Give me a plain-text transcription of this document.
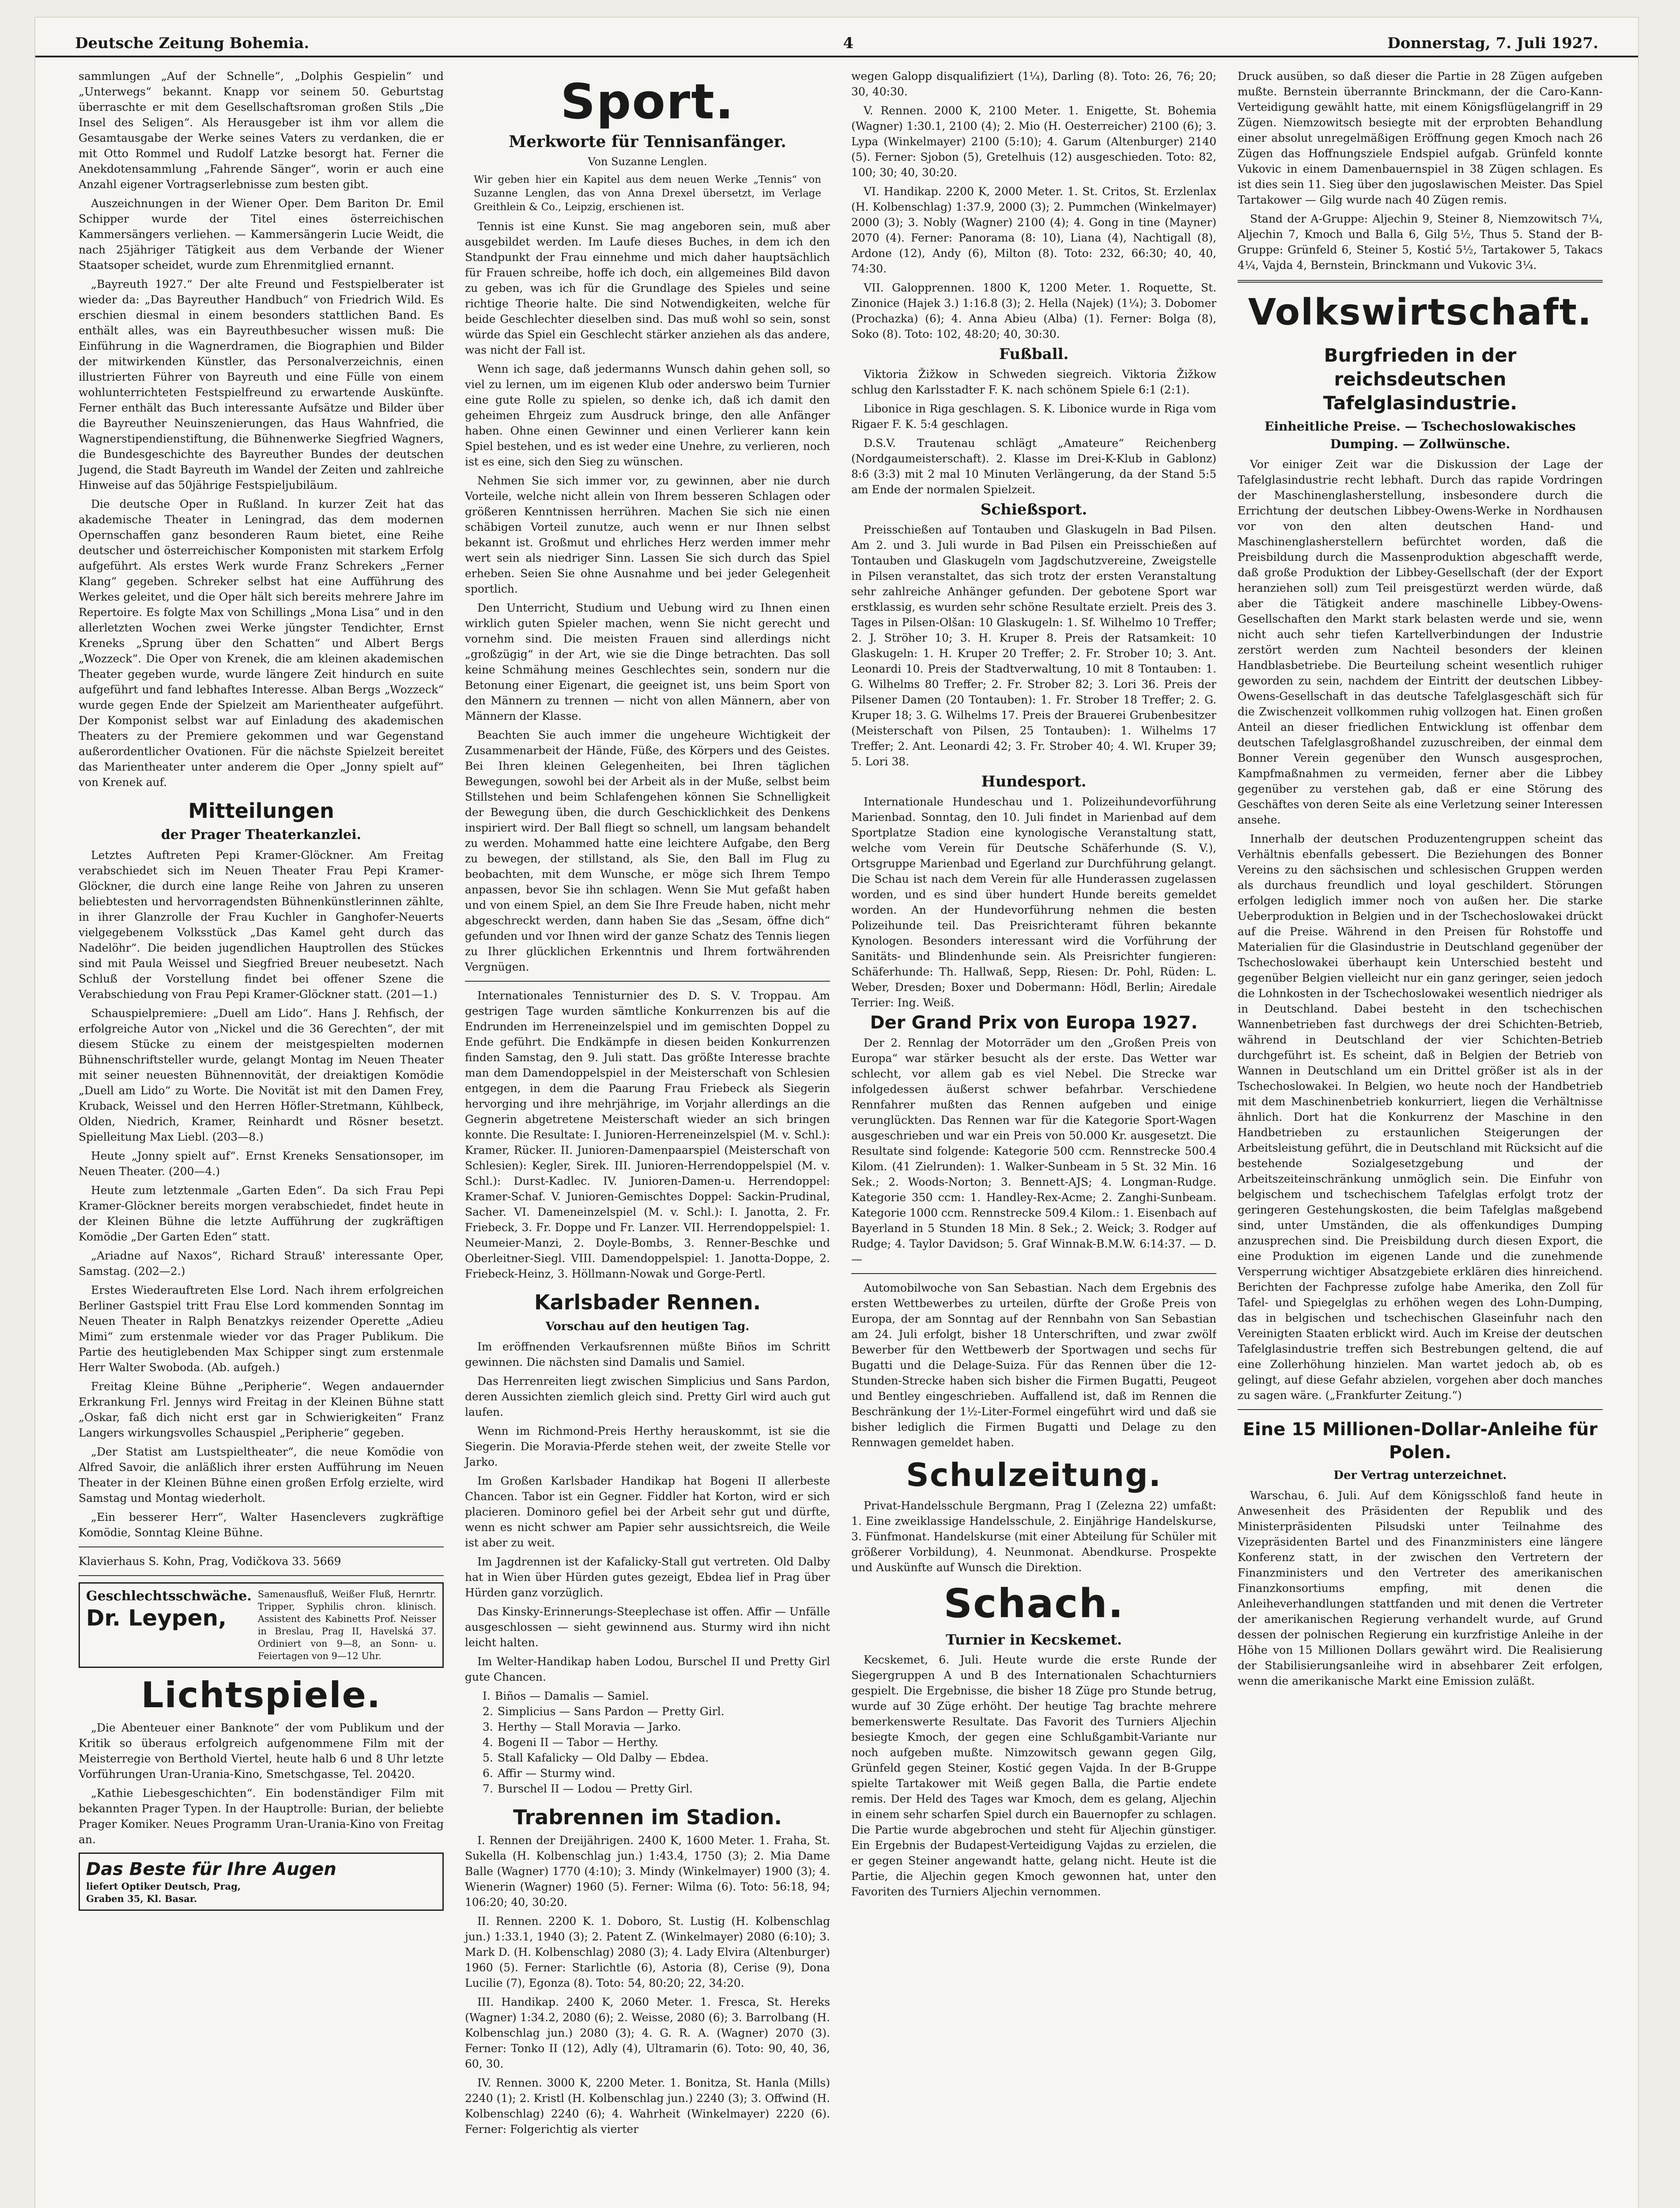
Deutsche Zeitung Bohemia.	4	Donnerstag, 7. Juli 1927.

sammlungen „Auf der Schnelle“, „Dolphis Gespielin“ und „Unterwegs“ bekannt. Knapp vor seinem 50. Geburtstag überraschte er mit dem Gesellschaftsroman großen Stils „Die Insel des Seligen“. Als Herausgeber ist ihm vor allem die Gesamtausgabe der Werke seines Vaters zu verdanken, die er mit Otto Rommel und Rudolf Latzke besorgt hat. Ferner die Anekdotensammlung „Fahrende Sänger“, worin er auch eine Anzahl eigener Vortragserlebnisse zum besten gibt.

Auszeichnungen in der Wiener Oper. Dem Bariton Dr. Emil Schipper wurde der Titel eines österreichischen Kammersängers verliehen. — Kammersängerin Lucie Weidt, die nach 25jähriger Tätigkeit aus dem Verbande der Wiener Staatsoper scheidet, wurde zum Ehrenmitglied ernannt.

„Bayreuth 1927.“ Der alte Freund und Festspielberater ist wieder da: „Das Bayreuther Handbuch“ von Friedrich Wild. Es erschien diesmal in einem besonders stattlichen Band. Es enthält alles, was ein Bayreuthbesucher wissen muß: Die Einführung in die Wagnerdramen, die Biographien und Bilder der mitwirkenden Künstler, das Personalverzeichnis, einen illustrierten Führer von Bayreuth und eine Fülle von einem wohlunterrichteten Festspielfreund zu erwartende Auskünfte. Ferner enthält das Buch interessante Aufsätze und Bilder über die Bayreuther Neuinszenierungen, das Haus Wahnfried, die Wagnerstipendienstiftung, die Bühnenwerke Siegfried Wagners, die Bundesgeschichte des Bayreuther Bundes der deutschen Jugend, die Stadt Bayreuth im Wandel der Zeiten und zahlreiche Hinweise auf das 50jährige Festspieljubiläum.

Die deutsche Oper in Rußland. In kurzer Zeit hat das akademische Theater in Leningrad, das dem modernen Opernschaffen ganz besonderen Raum bietet, eine Reihe deutscher und österreichischer Komponisten mit starkem Erfolg aufgeführt. Als erstes Werk wurde Franz Schrekers „Ferner Klang“ gegeben. Schreker selbst hat eine Aufführung des Werkes geleitet, und die Oper hält sich bereits mehrere Jahre im Repertoire. Es folgte Max von Schillings „Mona Lisa“ und in den allerletzten Wochen zwei Werke jüngster Tendichter, Ernst Kreneks „Sprung über den Schatten“ und Albert Bergs „Wozzeck“. Die Oper von Krenek, die am kleinen akademischen Theater gegeben wurde, wurde längere Zeit hindurch en suite aufgeführt und fand lebhaftes Interesse. Alban Bergs „Wozzeck“ wurde gegen Ende der Spielzeit am Marientheater aufgeführt. Der Komponist selbst war auf Einladung des akademischen Theaters zu der Premiere gekommen und war Gegenstand außerordentlicher Ovationen. Für die nächste Spielzeit bereitet das Marientheater unter anderem die Oper „Jonny spielt auf“ von Krenek auf.

Mitteilungen
der Prager Theaterkanzlei.

Letztes Auftreten Pepi Kramer-Glöckner. Am Freitag verabschiedet sich im Neuen Theater Frau Pepi Kramer-Glöckner, die durch eine lange Reihe von Jahren zu unseren beliebtesten und hervorragendsten Bühnenkünstlerinnen zählte, in ihrer Glanzrolle der Frau Kuchler in Ganghofer-Neuerts vielgegebenem Volksstück „Das Kamel geht durch das Nadelöhr“. Die beiden jugendlichen Hauptrollen des Stückes sind mit Paula Weissel und Siegfried Breuer neubesetzt. Nach Schluß der Vorstellung findet bei offener Szene die Verabschiedung von Frau Pepi Kramer-Glöckner statt. (201—1.)

Schauspielpremiere: „Duell am Lido“. Hans J. Rehfisch, der erfolgreiche Autor von „Nickel und die 36 Gerechten“, der mit diesem Stücke zu einem der meistgespielten modernen Bühnenschriftsteller wurde, gelangt Montag im Neuen Theater mit seiner neuesten Bühnennovität, der dreiaktigen Komödie „Duell am Lido“ zu Worte. Die Novität ist mit den Damen Frey, Kruback, Weissel und den Herren Höfler-Stretmann, Kühlbeck, Olden, Niedrich, Kramer, Reinhardt und Rösner besetzt. Spielleitung Max Liebl. (203—8.)

Heute „Jonny spielt auf“. Ernst Kreneks Sensationsoper, im Neuen Theater. (200—4.)

Heute zum letztenmale „Garten Eden“. Da sich Frau Pepi Kramer-Glöckner bereits morgen verabschiedet, findet heute in der Kleinen Bühne die letzte Aufführung der zugkräftigen Komödie „Der Garten Eden“ statt.

„Ariadne auf Naxos“, Richard Strauß' interessante Oper, Samstag. (202—2.)

Erstes Wiederauftreten Else Lord. Nach ihrem erfolgreichen Berliner Gastspiel tritt Frau Else Lord kommenden Sonntag im Neuen Theater in Ralph Benatzkys reizender Operette „Adieu Mimi“ zum erstenmale wieder vor das Prager Publikum. Die Partie des heutiglebenden Max Schipper singt zum erstenmale Herr Walter Swoboda. (Ab. aufgeh.)

Freitag Kleine Bühne „Peripherie“. Wegen andauernder Erkrankung Frl. Jennys wird Freitag in der Kleinen Bühne statt „Oskar, faß dich nicht erst gar in Schwierigkeiten“ Franz Langers wirkungsvolles Schauspiel „Peripherie“ gegeben.

„Der Statist am Lustspieltheater“, die neue Komödie von Alfred Savoir, die anläßlich ihrer ersten Aufführung im Neuen Theater in der Kleinen Bühne einen großen Erfolg erzielte, wird Samstag und Montag wiederholt.

„Ein besserer Herr“, Walter Hasenclevers zugkräftige Komödie, Sonntag Kleine Bühne.

Klavierhaus S. Kohn, Prag, Vodičkova 33. 5669

Geschlechtsschwäche.
Dr. Leypen,
Samenausfluß, Weißer Fluß, Hernrtr. Tripper, Syphilis chron. klinisch. Assistent des Kabinetts Prof. Neisser in Breslau, Prag II, Havelská 37. Ordiniert von 9—8, an Sonn- u. Feiertagen von 9—12 Uhr.
Lichtspiele.

„Die Abenteuer einer Banknote“ der vom Publikum und der Kritik so überaus erfolgreich aufgenommene Film mit der Meisterregie von Berthold Viertel, heute halb 6 und 8 Uhr letzte Vorführungen Uran-Urania-Kino, Smetschgasse, Tel. 20420.

„Kathie Liebesgeschichten“. Ein bodenständiger Film mit bekannten Prager Typen. In der Hauptrolle: Burian, der beliebte Prager Komiker. Neues Programm Uran-Urania-Kino von Freitag an.

Das Beste für Ihre Augen
liefert Optiker Deutsch, Prag,
Graben 35, Kl. Basar.
Sport.
Merkworte für Tennisanfänger.
Von Suzanne Lenglen.
Wir geben hier ein Kapitel aus dem neuen Werke „Tennis“ von Suzanne Lenglen, das von Anna Drexel übersetzt, im Verlage Greithlein & Co., Leipzig, erschienen ist.

Tennis ist eine Kunst. Sie mag angeboren sein, muß aber ausgebildet werden. Im Laufe dieses Buches, in dem ich den Standpunkt der Frau einnehme und mich daher hauptsächlich für Frauen schreibe, hoffe ich doch, ein allgemeines Bild davon zu geben, was ich für die Grundlage des Spieles und seine richtige Theorie halte. Die sind Notwendigkeiten, welche für beide Geschlechter dieselben sind. Das muß wohl so sein, sonst würde das Spiel ein Geschlecht stärker anziehen als das andere, was nicht der Fall ist.

Wenn ich sage, daß jedermanns Wunsch dahin gehen soll, so viel zu lernen, um im eigenen Klub oder anderswo beim Turnier eine gute Rolle zu spielen, so denke ich, daß ich damit den geheimen Ehrgeiz zum Ausdruck bringe, den alle Anfänger haben. Ohne einen Gewinner und einen Verlierer kann kein Spiel bestehen, und es ist weder eine Unehre, zu verlieren, noch ist es eine, sich den Sieg zu wünschen.

Nehmen Sie sich immer vor, zu gewinnen, aber nie durch Vorteile, welche nicht allein von Ihrem besseren Schlagen oder größeren Kenntnissen herrühren. Machen Sie sich nie einen schäbigen Vorteil zunutze, auch wenn er nur Ihnen selbst bekannt ist. Großmut und ehrliches Herz werden immer mehr wert sein als niedriger Sinn. Lassen Sie sich durch das Spiel erheben. Seien Sie ohne Ausnahme und bei jeder Gelegenheit sportlich.

Den Unterricht, Studium und Uebung wird zu Ihnen einen wirklich guten Spieler machen, wenn Sie nicht gerecht und vornehm sind. Die meisten Frauen sind allerdings nicht „großzügig“ in der Art, wie sie die Dinge betrachten. Das soll keine Schmähung meines Geschlechtes sein, sondern nur die Betonung einer Eigenart, die geeignet ist, uns beim Sport von den Männern zu trennen — nicht von allen Männern, aber von Männern der Klasse.

Beachten Sie auch immer die ungeheure Wichtigkeit der Zusammenarbeit der Hände, Füße, des Körpers und des Geistes. Bei Ihren kleinen Gelegenheiten, bei Ihren täglichen Bewegungen, sowohl bei der Arbeit als in der Muße, selbst beim Stillstehen und beim Schlafengehen können Sie Schnelligkeit der Bewegung üben, die durch Geschicklichkeit des Denkens inspiriert wird. Der Ball fliegt so schnell, um langsam behandelt zu werden. Mohammed hatte eine leichtere Aufgabe, den Berg zu bewegen, der stillstand, als Sie, den Ball im Flug zu beobachten, mit dem Wunsche, er möge sich Ihrem Tempo anpassen, bevor Sie ihn schlagen. Wenn Sie Mut gefaßt haben und von einem Spiel, an dem Sie Ihre Freude haben, nicht mehr abgeschreckt werden, dann haben Sie das „Sesam, öffne dich“ gefunden und vor Ihnen wird der ganze Schatz des Tennis liegen zu Ihrer glücklichen Erkenntnis und Ihrem fortwährenden Vergnügen.

Internationales Tennisturnier des D. S. V. Troppau. Am gestrigen Tage wurden sämtliche Konkurrenzen bis auf die Endrunden im Herreneinzelspiel und im gemischten Doppel zu Ende geführt. Die Endkämpfe in diesen beiden Konkurrenzen finden Samstag, den 9. Juli statt. Das größte Interesse brachte man dem Damendoppelspiel in der Meisterschaft von Schlesien entgegen, in dem die Paarung Frau Friebeck als Siegerin hervorging und ihre mehrjährige, im Vorjahr allerdings an die Gegnerin abgetretene Meisterschaft wieder an sich bringen konnte. Die Resultate: I. Junioren-Herreneinzelspiel (M. v. Schl.): Kramer, Rücker. II. Junioren-Damenpaarspiel (Meisterschaft von Schlesien): Kegler, Sirek. III. Junioren-Herrendoppelspiel (M. v. Schl.): Durst-Kadlec. IV. Junioren-Damen-u. Herrendoppel: Kramer-Schaf. V. Junioren-Gemischtes Doppel: Sackin-Prudinal, Sacher. VI. Dameneinzelspiel (M. v. Schl.): I. Janotta, 2. Fr. Friebeck, 3. Fr. Doppe und Fr. Lanzer. VII. Herrendoppelspiel: 1. Neumeier-Manzi, 2. Doyle-Bombs, 3. Renner-Beschke und Oberleitner-Siegl. VIII. Damendoppelspiel: 1. Janotta-Doppe, 2. Friebeck-Heinz, 3. Höllmann-Nowak und Gorge-Pertl.

Karlsbader Rennen.
Vorschau auf den heutigen Tag.

Im eröffnenden Verkaufsrennen müßte Biños im Schritt gewinnen. Die nächsten sind Damalis und Samiel.

Das Herrenreiten liegt zwischen Simplicius und Sans Pardon, deren Aussichten ziemlich gleich sind. Pretty Girl wird auch gut laufen.

Wenn im Richmond-Preis Herthy herauskommt, ist sie die Siegerin. Die Moravia-Pferde stehen weit, der zweite Stelle vor Jarko.

Im Großen Karlsbader Handikap hat Bogeni II allerbeste Chancen. Tabor ist ein Gegner. Fiddler hat Korton, wird er sich placieren. Dominoro gefiel bei der Arbeit sehr gut und dürfte, wenn es nicht schwer am Papier sehr aussichtsreich, die Weile ist aber zu weit.

Im Jagdrennen ist der Kafalicky-Stall gut vertreten. Old Dalby hat in Wien über Hürden gutes gezeigt, Ebdea lief in Prag über Hürden ganz vorzüglich.

Das Kinsky-Erinnerungs-Steeplechase ist offen. Affir — Unfälle ausgeschlossen — sieht gewinnend aus. Sturmy wird ihn nicht leicht halten.

Im Welter-Handikap haben Lodou, Burschel II und Pretty Girl gute Chancen.

I. Biños — Damalis — Samiel.
2. Simplicius — Sans Pardon — Pretty Girl.
3. Herthy — Stall Moravia — Jarko.
4. Bogeni II — Tabor — Herthy.
5. Stall Kafalicky — Old Dalby — Ebdea.
6. Affir — Sturmy wind.
7. Burschel II — Lodou — Pretty Girl.
Trabrennen im Stadion.

I. Rennen der Dreijährigen. 2400 K, 1600 Meter. 1. Fraha, St. Sukella (H. Kolbenschlag jun.) 1:43.4, 1750 (3); 2. Mia Dame Balle (Wagner) 1770 (4:10); 3. Mindy (Winkelmayer) 1900 (3); 4. Wienerin (Wagner) 1960 (5). Ferner: Wilma (6). Toto: 56:18, 94; 106:20; 40, 30:20.

II. Rennen. 2200 K. 1. Doboro, St. Lustig (H. Kolbenschlag jun.) 1:33.1, 1940 (3); 2. Patent Z. (Winkelmayer) 2080 (6:10); 3. Mark D. (H. Kolbenschlag) 2080 (3); 4. Lady Elvira (Altenburger) 1960 (5). Ferner: Starlichtle (6), Astoria (8), Cerise (9), Dona Lucilie (7), Egonza (8). Toto: 54, 80:20; 22, 34:20.

III. Handikap. 2400 K, 2060 Meter. 1. Fresca, St. Hereks (Wagner) 1:34.2, 2080 (6); 2. Weisse, 2080 (6); 3. Barrolbang (H. Kolbenschlag jun.) 2080 (3); 4. G. R. A. (Wagner) 2070 (3). Ferner: Tonko II (12), Adly (4), Ultramarin (6). Toto: 90, 40, 36, 60, 30.

IV. Rennen. 3000 K, 2200 Meter. 1. Bonitza, St. Hanla (Mills) 2240 (1); 2. Kristl (H. Kolbenschlag jun.) 2240 (3); 3. Offwind (H. Kolbenschlag) 2240 (6); 4. Wahrheit (Winkelmayer) 2220 (6). Ferner: Folgerichtig als vierter

wegen Galopp disqualifiziert (1¼), Darling (8). Toto: 26, 76; 20; 30, 40:30.

V. Rennen. 2000 K, 2100 Meter. 1. Enigette, St. Bohemia (Wagner) 1:30.1, 2100 (4); 2. Mio (H. Oesterreicher) 2100 (6); 3. Lypa (Winkelmayer) 2100 (5:10); 4. Garum (Altenburger) 2140 (5). Ferner: Sjobon (5), Gretelhuis (12) ausgeschieden. Toto: 82, 100; 30; 40, 30:20.

VI. Handikap. 2200 K, 2000 Meter. 1. St. Critos, St. Erzlenlax (H. Kolbenschlag) 1:37.9, 2000 (3); 2. Pummchen (Winkelmayer) 2000 (3); 3. Nobly (Wagner) 2100 (4); 4. Gong in tine (Mayner) 2070 (4). Ferner: Panorama (8: 10), Liana (4), Nachtigall (8), Ardone (12), Andy (6), Milton (8). Toto: 232, 66:30; 40, 40, 74:30.

VII. Galopprennen. 1800 K, 1200 Meter. 1. Roquette, St. Zinonice (Hajek 3.) 1:16.8 (3); 2. Hella (Najek) (1¼); 3. Dobomer (Prochazka) (6); 4. Anna Abieu (Alba) (1). Ferner: Bolga (8), Soko (8). Toto: 102, 48:20; 40, 30:30.

Fußball.

Viktoria Žižkow in Schweden siegreich. Viktoria Žižkow schlug den Karlsstadter F. K. nach schönem Spiele 6:1 (2:1).

Libonice in Riga geschlagen. S. K. Libonice wurde in Riga vom Rigaer F. K. 5:4 geschlagen.

D.S.V. Trautenau schlägt „Amateure“ Reichenberg (Nordgaumeisterschaft). 2. Klasse im Drei-K-Klub in Gablonz) 8:6 (3:3) mit 2 mal 10 Minuten Verlängerung, da der Stand 5:5 am Ende der normalen Spielzeit.

Schießsport.

Preisschießen auf Tontauben und Glaskugeln in Bad Pilsen. Am 2. und 3. Juli wurde in Bad Pilsen ein Preisschießen auf Tontauben und Glaskugeln vom Jagdschutzvereine, Zweigstelle in Pilsen veranstaltet, das sich trotz der ersten Veranstaltung sehr zahlreiche Anhänger gefunden. Der gebotene Sport war erstklassig, es wurden sehr schöne Resultate erzielt. Preis des 3. Tages in Pilsen-Olšan: 10 Glaskugeln: 1. Sf. Wilhelmo 10 Treffer; 2. J. Ströher 10; 3. H. Kruper 8. Preis der Ratsamkeit: 10 Glaskugeln: 1. H. Kruper 20 Treffer; 2. Fr. Strober 10; 3. Ant. Leonardi 10. Preis der Stadtverwaltung, 10 mit 8 Tontauben: 1. G. Wilhelms 80 Treffer; 2. Fr. Strober 82; 3. Lori 36. Preis der Pilsener Damen (20 Tontauben): 1. Fr. Strober 18 Treffer; 2. G. Kruper 18; 3. G. Wilhelms 17. Preis der Brauerei Grubenbesitzer (Meisterschaft von Pilsen, 25 Tontauben): 1. Wilhelms 17 Treffer; 2. Ant. Leonardi 42; 3. Fr. Strober 40; 4. Wl. Kruper 39; 5. Lori 38.

Hundesport.

Internationale Hundeschau und 1. Polizeihundevorführung Marienbad. Sonntag, den 10. Juli findet in Marienbad auf dem Sportplatze Stadion eine kynologische Veranstaltung statt, welche vom Verein für Deutsche Schäferhunde (S. V.), Ortsgruppe Marienbad und Egerland zur Durchführung gelangt. Die Schau ist nach dem Verein für alle Hunderassen zugelassen worden, und es sind über hundert Hunde bereits gemeldet worden. An der Hundevorführung nehmen die besten Polizeihunde teil. Das Preisrichteramt führen bekannte Kynologen. Besonders interessant wird die Vorführung der Sanitäts- und Blindenhunde sein. Als Preisrichter fungieren: Schäferhunde: Th. Hallwaß, Sepp, Riesen: Dr. Pohl, Rüden: L. Weber, Dresden; Boxer und Dobermann: Hödl, Berlin; Airedale Terrier: Ing. Weiß.

Der Grand Prix von Europa 1927.

Der 2. Rennlag der Motorräder um den „Großen Preis von Europa“ war stärker besucht als der erste. Das Wetter war schlecht, vor allem gab es viel Nebel. Die Strecke war infolgedessen äußerst schwer befahrbar. Verschiedene Rennfahrer mußten das Rennen aufgeben und einige verunglückten. Das Rennen war für die Kategorie Sport-Wagen ausgeschrieben und war ein Preis von 50.000 Kr. ausgesetzt. Die Resultate sind folgende: Kategorie 500 ccm. Rennstrecke 500.4 Kilom. (41 Zielrunden): 1. Walker-Sunbeam in 5 St. 32 Min. 16 Sek.; 2. Woods-Norton; 3. Bennett-AJS; 4. Longman-Rudge. Kategorie 350 ccm: 1. Handley-Rex-Acme; 2. Zanghi-Sunbeam. Kategorie 1000 ccm. Rennstrecke 509.4 Kilom.: 1. Eisenbach auf Bayerland in 5 Stunden 18 Min. 8 Sek.; 2. Weick; 3. Rodger auf Rudge; 4. Taylor Davidson; 5. Graf Winnak-B.M.W. 6:14:37. — D. —

Automobilwoche von San Sebastian. Nach dem Ergebnis des ersten Wettbewerbes zu urteilen, dürfte der Große Preis von Europa, der am Sonntag auf der Rennbahn von San Sebastian am 24. Juli erfolgt, bisher 18 Unterschriften, und zwar zwölf Bewerber für den Wettbewerb der Sportwagen und sechs für Bugatti und die Delage-Suiza. Für das Rennen über die 12-Stunden-Strecke haben sich bisher die Firmen Bugatti, Peugeot und Bentley eingeschrieben. Auffallend ist, daß im Rennen die Beschränkung der 1½-Liter-Formel eingeführt wird und daß sie bisher lediglich die Firmen Bugatti und Delage zu den Rennwagen gemeldet haben.

Schulzeitung.

Privat-Handelsschule Bergmann, Prag I (Zelezna 22) umfaßt: 1. Eine zweiklassige Handelsschule, 2. Einjährige Handelskurse, 3. Fünfmonat. Handelskurse (mit einer Abteilung für Schüler mit größerer Vorbildung), 4. Neunmonat. Abendkurse. Prospekte und Auskünfte auf Wunsch die Direktion.

Schach.
Turnier in Kecskemet.

Kecskemet, 6. Juli. Heute wurde die erste Runde der Siegergruppen A und B des Internationalen Schachturniers gespielt. Die Ergebnisse, die bisher 18 Züge pro Stunde betrug, wurde auf 30 Züge erhöht. Der heutige Tag brachte mehrere bemerkenswerte Resultate. Das Favorit des Turniers Aljechin besiegte Kmoch, der gegen eine Schlußgambit-Variante nur noch aufgeben mußte. Nimzowitsch gewann gegen Gilg, Grünfeld gegen Steiner, Kostić gegen Vajda. In der B-Gruppe spielte Tartakower mit Weiß gegen Balla, die Partie endete remis. Der Held des Tages war Kmoch, dem es gelang, Aljechin in einem sehr scharfen Spiel durch ein Bauernopfer zu schlagen. Die Partie wurde abgebrochen und steht für Aljechin günstiger. Ein Ergebnis der Budapest-Verteidigung Vajdas zu erzielen, die er gegen Steiner angewandt hatte, gelang nicht. Heute ist die Partie, die Aljechin gegen Kmoch gewonnen hat, unter den Favoriten des Turniers Aljechin vernommen.

Druck ausüben, so daß dieser die Partie in 28 Zügen aufgeben mußte. Bernstein überrannte Brinckmann, der die Caro-Kann-Verteidigung gewählt hatte, mit einem Königsflügelangriff in 29 Zügen. Niemzowitsch besiegte mit der erprobten Behandlung einer absolut unregelmäßigen Eröffnung gegen Kmoch nach 26 Zügen das Hoffnungsziele Endspiel aufgab. Grünfeld konnte Vukovic in einem Damenbauernspiel in 38 Zügen schlagen. Es ist dies sein 11. Sieg über den jugoslawischen Meister. Das Spiel Tartakower — Gilg wurde nach 40 Zügen remis.

Stand der A-Gruppe: Aljechin 9, Steiner 8, Niemzowitsch 7¼, Aljechin 7, Kmoch und Balla 6, Gilg 5½, Thus 5. Stand der B-Gruppe: Grünfeld 6, Steiner 5, Kostić 5½, Tartakower 5, Takacs 4¼, Vajda 4, Bernstein, Brinckmann und Vukovic 3¼.

Volkswirtschaft.
Burgfrieden in der reichsdeutschen Tafelglasindustrie.
Einheitliche Preise. — Tschechoslowakisches Dumping. — Zollwünsche.

Vor einiger Zeit war die Diskussion der Lage der Tafelglasindustrie recht lebhaft. Durch das rapide Vordringen der Maschinenglasherstellung, insbesondere durch die Errichtung der deutschen Libbey-Owens-Werke in Nordhausen vor von den alten deutschen Hand- und Maschinenglasherstellern befürchtet worden, daß die Preisbildung durch die Massenproduktion abgeschafft werde, daß große Produktion der Libbey-Gesellschaft (der der Export heranziehen soll) zum Teil preisgestürzt werden würde, daß aber die Tätigkeit andere maschinelle Libbey-Owens-Gesellschaften den Markt stark belasten werde und sie, wenn nicht auch sehr tiefen Kartellverbindungen der Industrie zerstört werden zum Nachteil besonders der kleinen Handblasbetriebe. Die Beurteilung scheint wesentlich ruhiger geworden zu sein, nachdem der Eintritt der deutschen Libbey-Owens-Gesellschaft in das deutsche Tafelglasgeschäft sich für die Zwischenzeit vollkommen ruhig vollzogen hat. Einen großen Anteil an dieser friedlichen Entwicklung ist offenbar dem deutschen Tafelglasgroßhandel zuzuschreiben, der einmal dem Bonner Verein gegenüber den Wunsch ausgesprochen, Kampfmaßnahmen zu vermeiden, ferner aber die Libbey gegenüber zu verstehen gab, daß er eine Störung des Geschäftes von deren Seite als eine Verletzung seiner Interessen ansehe.

Innerhalb der deutschen Produzentengruppen scheint das Verhältnis ebenfalls gebessert. Die Beziehungen des Bonner Vereins zu den sächsischen und schlesischen Gruppen werden als durchaus freundlich und loyal geschildert. Störungen erfolgen lediglich immer noch von außen her. Die starke Ueberproduktion in Belgien und in der Tschechoslowakei drückt auf die Preise. Während in den Preisen für Rohstoffe und Materialien für die Glasindustrie in Deutschland gegenüber der Tschechoslowakei überhaupt kein Unterschied besteht und gegenüber Belgien vielleicht nur ein ganz geringer, seien jedoch die Lohnkosten in der Tschechoslowakei wesentlich niedriger als in Deutschland. Dabei besteht in den tschechischen Wannenbetrieben fast durchwegs der drei Schichten-Betrieb, während in Deutschland der vier Schichten-Betrieb durchgeführt ist. Es scheint, daß in Belgien der Betrieb von Wannen in Deutschland um ein Drittel größer ist als in der Tschechoslowakei. In Belgien, wo heute noch der Handbetrieb mit dem Maschinenbetrieb konkurriert, liegen die Verhältnisse ähnlich. Dort hat die Konkurrenz der Maschine in den Handbetrieben zu erstaunlichen Steigerungen der Arbeitsleistung geführt, die in Deutschland mit Rücksicht auf die bestehende Sozialgesetzgebung und der Arbeitszeiteinschränkung unmöglich sein. Die Einfuhr von belgischem und tschechischem Tafelglas erfolgt trotz der geringeren Gestehungskosten, die beim Tafelglas maßgebend sind, unter Umständen, die als offenkundiges Dumping anzusprechen sind. Die Preisbildung durch diesen Export, die eine Produktion im eigenen Lande und die zunehmende Versperrung wichtiger Absatzgebiete erklären dies hinreichend. Berichten der Fachpresse zufolge habe Amerika, den Zoll für Tafel- und Spiegelglas zu erhöhen wegen des Lohn-Dumping, das in belgischen und tschechischen Glaseinfuhr nach den Vereinigten Staaten erblickt wird. Auch im Kreise der deutschen Tafelglasindustrie treffen sich Bestrebungen geltend, die auf eine Zollerhöhung hinzielen. Man wartet jedoch ab, ob es gelingt, auf diese Gefahr abzielen, vorgehen aber doch manches zu sagen wäre. („Frankfurter Zeitung.“)

Eine 15 Millionen-Dollar-Anleihe für Polen.
Der Vertrag unterzeichnet.

Warschau, 6. Juli. Auf dem Königsschloß fand heute in Anwesenheit des Präsidenten der Republik und des Ministerpräsidenten Pilsudski unter Teilnahme des Vizepräsidenten Bartel und des Finanzministers eine längere Konferenz statt, in der zwischen den Vertretern der Finanzministers und den Vertreter des amerikanischen Finanzkonsortiums empfing, mit denen die Anleiheverhandlungen stattfanden und mit denen die Vertreter der amerikanischen Regierung verhandelt wurde, auf Grund dessen der polnischen Regierung ein kurzfristige Anleihe in der Höhe von 15 Millionen Dollars gewährt wird. Die Realisierung der Stabilisierungsanleihe wird in absehbarer Zeit erfolgen, wenn die amerikanische Markt eine Emission zuläßt.
